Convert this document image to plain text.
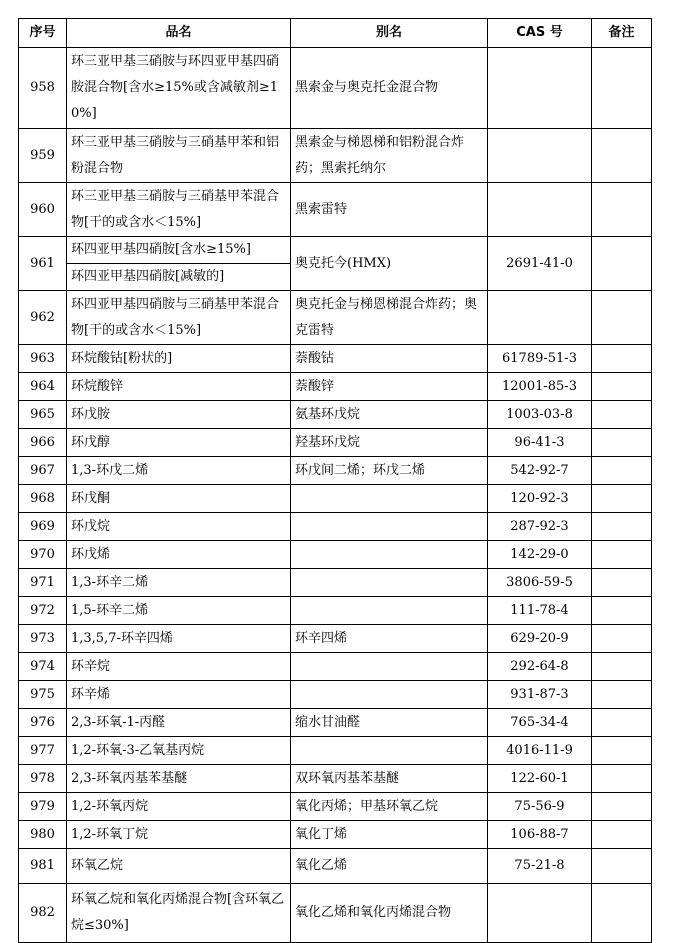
序号	品名	别名	CAS 号	备注
958	环三亚甲基三硝胺与环四亚甲基四硝胺混合物[含水≥15%或含减敏剂≥10%]	黑索金与奥克托金混合物		
959	环三亚甲基三硝胺与三硝基甲苯和铝粉混合物	黑索金与梯恩梯和铝粉混合炸药；黑索托纳尔		

960	环三亚甲基三硝胺与三硝基甲苯混合物[干的或含水＜15%]	黑索雷特		
961	环四亚甲基四硝胺[含水≥15%]	奥克托今(HMX)	2691-41-0	
	环四亚甲基四硝胺[减敏的]			
962	环四亚甲基四硝胺与三硝基甲苯混合物[干的或含水＜15%]	奥克托金与梯恩梯混合炸药；奥克雷特		

963	环烷酸钴[粉状的]	萘酸钴	61789-51-3	
964	环烷酸锌	萘酸锌	12001-85-3	
965	环戊胺	氨基环戊烷	1003-03-8	
966	环戊醇	羟基环戊烷	96-41-3	
967	1,3-环戊二烯	环戊间二烯；环戊二烯	542-92-7	
968	环戊酮		120-92-3	
969	环戊烷		287-92-3	
970	环戊烯		142-29-0	
971	1,3-环辛二烯		3806-59-5	
972	1,5-环辛二烯		111-78-4	
973	1,3,5,7-环辛四烯	环辛四烯	629-20-9	
974	环辛烷		292-64-8	
975	环辛烯		931-87-3	
976	2,3-环氧-1-丙醛	缩水甘油醛	765-34-4	
977	1,2-环氧-3-乙氧基丙烷		4016-11-9	
978	2,3-环氧丙基苯基醚	双环氧丙基苯基醚	122-60-1	
979	1,2-环氧丙烷	氧化丙烯；甲基环氧乙烷	75-56-9	
980	1,2-环氧丁烷	氧化丁烯	106-88-7	
981	环氧乙烷	氧化乙烯	75-21-8	
982	环氧乙烷和氧化丙烯混合物[含环氧乙烷≤30%]	氧化乙烯和氧化丙烯混合物		
